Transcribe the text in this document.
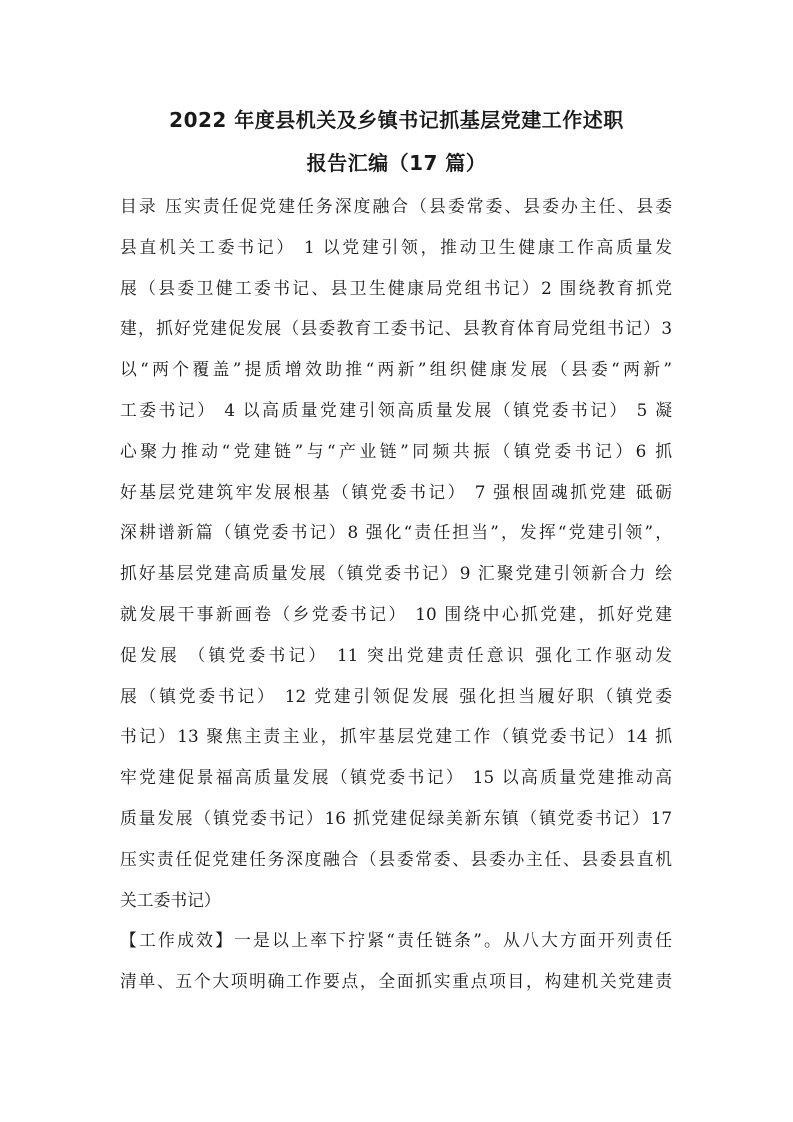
2022 年度县机关及乡镇书记抓基层党建工作述职
报告汇编（17 篇）
目录 压实责任促党建任务深度融合（县委常委、县委办主任、县委
县直机关工委书记） 1 以党建引领，推动卫生健康工作高质量发
展（县委卫健工委书记、县卫生健康局党组书记）2 围绕教育抓党
建，抓好党建促发展（县委教育工委书记、县教育体育局党组书记）3
以“两个覆盖”提质增效助推“两新”组织健康发展（县委“两新”
工委书记） 4 以高质量党建引领高质量发展（镇党委书记） 5 凝
心聚力推动“党建链”与“产业链”同频共振（镇党委书记）6 抓
好基层党建筑牢发展根基（镇党委书记） 7 强根固魂抓党建 砥砺
深耕谱新篇（镇党委书记）8 强化“责任担当”，发挥“党建引领”，
抓好基层党建高质量发展（镇党委书记）9 汇聚党建引领新合力 绘
就发展干事新画卷（乡党委书记） 10 围绕中心抓党建，抓好党建
促发展 （镇党委书记） 11 突出党建责任意识 强化工作驱动发
展（镇党委书记） 12 党建引领促发展 强化担当履好职（镇党委
书记）13 聚焦主责主业，抓牢基层党建工作（镇党委书记）14 抓
牢党建促景福高质量发展（镇党委书记） 15 以高质量党建推动高
质量发展（镇党委书记）16 抓党建促绿美新东镇（镇党委书记）17
压实责任促党建任务深度融合（县委常委、县委办主任、县委县直机
关工委书记）
【工作成效】一是以上率下拧紧“责任链条”。从八大方面开列责任
清单、五个大项明确工作要点，全面抓实重点项目，构建机关党建责
